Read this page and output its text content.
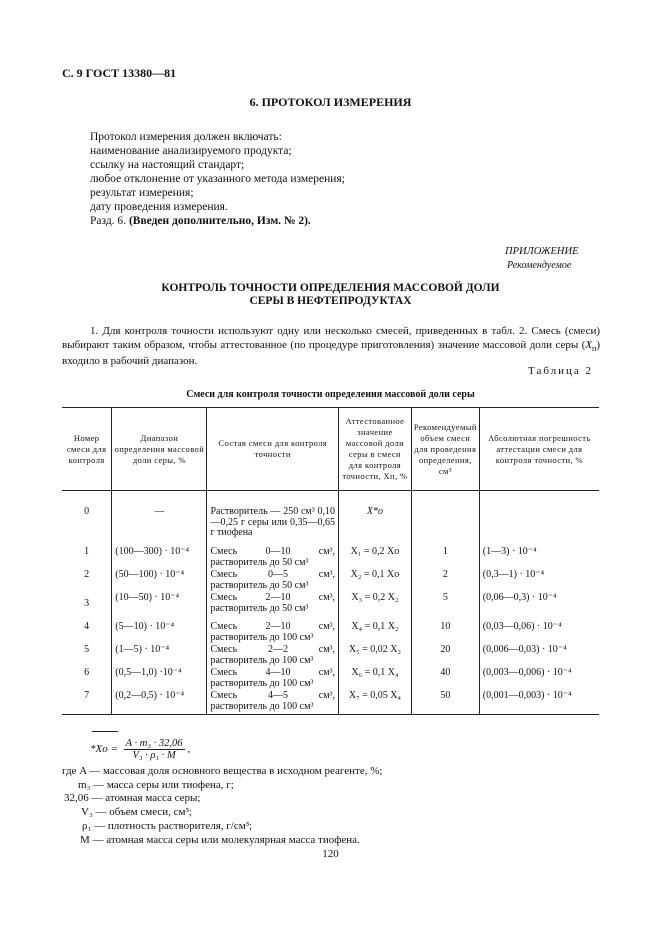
С. 9 ГОСТ 13380—81
6. ПРОТОКОЛ ИЗМЕРЕНИЯ
Протокол измерения должен включать:
наименование анализируемого продукта;
ссылку на настоящий стандарт;
любое отклонение от указанного метода измерения;
результат измерения;
дату проведения измерения.
Разд. 6. (Введен дополнительно, Изм. № 2).
ПРИЛОЖЕНИЕ
Рекомендуемое
КОНТРОЛЬ ТОЧНОСТИ ОПРЕДЕЛЕНИЯ МАССОВОЙ ДОЛИ
СЕРЫ В НЕФТЕПРОДУКТАХ
1. Для контроля точности используют одну или несколько смесей, приведенных в табл. 2. Смесь (смеси) выбирают таким образом, чтобы аттестованное (по процедуре приготовления) значение массовой доли серы $(X_п)$ входило в рабочий диапазон.
Таблица 2
Смеси для контроля точности определения массовой доли серы
Номер смеси для контроля	Диапазон определения массовой доли серы, %	Состав смеси для контроля точности	Аттестованное значение массовой доли серы в смеси для контроля точности, Xп, %	Рекомендуемый объем смеси для проведения определения, см³	Абсолютная погрешность аттестации смеси для контроля точности, %
0	—	Растворитель — 250 см³ 0,10—0,25 г серы или 0,35—0,65 г тиофена	X*о		
1	(100—300) · 10⁻⁴	Смесь 0—10 см³, растворитель до 50 см³	X₁ = 0,2 Xо	1	(1—3) · 10⁻⁴
2	(50—100) · 10⁻⁴	Смесь 0—5 см³, растворитель до 50 см³	X₂ = 0,1 Xо	2	(0,3—1) · 10⁻⁴
3	(10—50) · 10⁻⁴	Смесь 2—10 см³, растворитель до 50 см³	X₃ = 0,2 X₂	5	(0,06—0,3) · 10⁻⁴
4	(5—10) · 10⁻⁴	Смесь 2—10 см³, растворитель до 100 см³	X₄ = 0,1 X₂	10	(0,03—0,06) · 10⁻⁴
5	(1—5) · 10⁻⁴	Смесь 2—2 см³, растворитель до 100 см³	X₅ = 0,02 X₂	20	(0,006—0,03) · 10⁻⁴
6	(0,5—1,0) ·10⁻⁴	Смесь 4—10 см³, растворитель до 100 см³	X₆ = 0,1 X₄	40	(0,003—0,006) · 10⁻⁴
7	(0,2—0,5) · 10⁻⁴	Смесь 4—5 см³, растворитель до 100 см³	X₇ = 0,05 X₄	50	(0,001—0,003) · 10⁻⁴
$*Xо = \frac{\text{A · m₃ · 32,06}}{\text{V₃ · ρ₁ · M}}$ ,
где A — массовая доля основного вещества в исходном реагенте, %;
m₃ — масса серы или тиофена, г;
32,06 — атомная масса серы;
V₃ — объем смеси, см³;
ρ₁ — плотность растворителя, г/см³;
M — атомная масса серы или молекулярная масса тиофена.
120
